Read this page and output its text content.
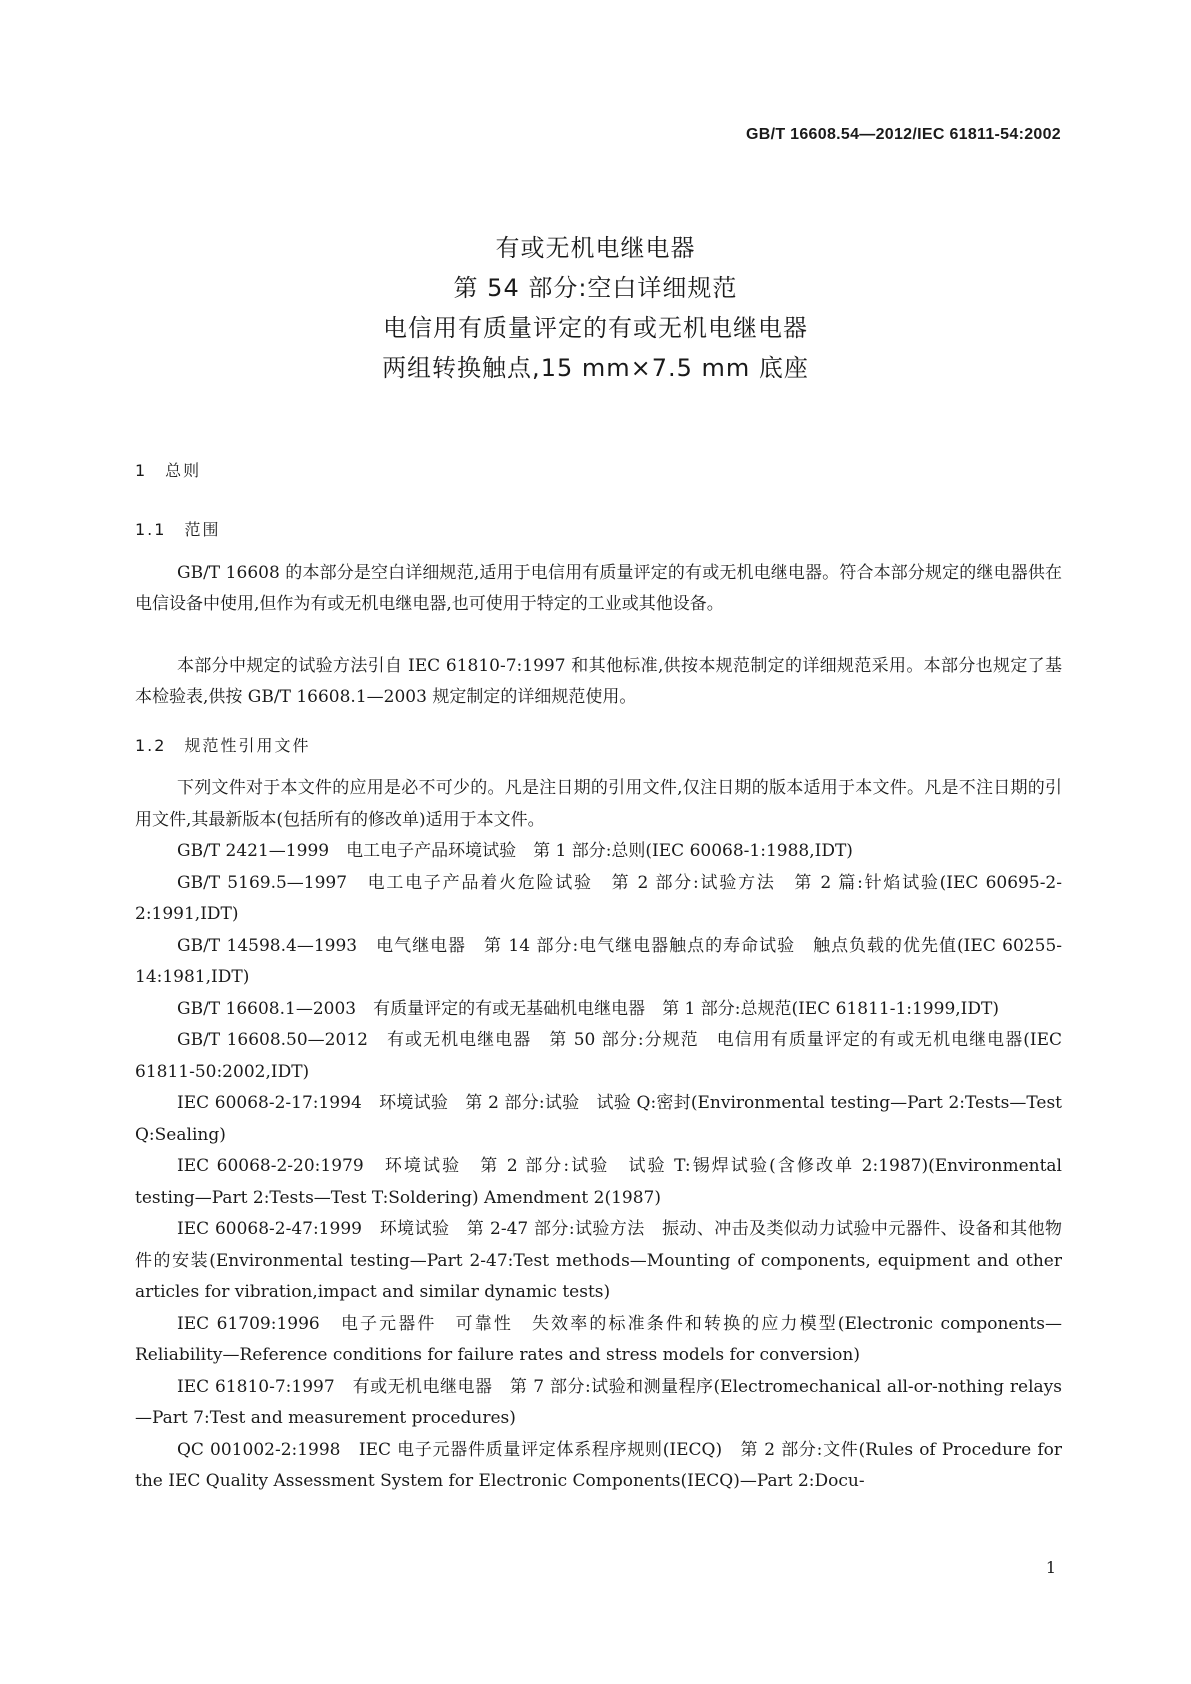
GB/T 16608.54—2012/IEC 61811-54:2002
有或无机电继电器
第 54 部分:空白详细规范
电信用有质量评定的有或无机电继电器
两组转换触点,15 mm×7.5 mm 底座
1　总则
1.1　范围
GB/T 16608 的本部分是空白详细规范,适用于电信用有质量评定的有或无机电继电器。符合本部分规定的继电器供在电信设备中使用,但作为有或无机电继电器,也可使用于特定的工业或其他设备。
本部分中规定的试验方法引自 IEC 61810-7:1997 和其他标准,供按本规范制定的详细规范采用。本部分也规定了基本检验表,供按 GB/T 16608.1—2003 规定制定的详细规范使用。
1.2　规范性引用文件
下列文件对于本文件的应用是必不可少的。凡是注日期的引用文件,仅注日期的版本适用于本文件。凡是不注日期的引用文件,其最新版本(包括所有的修改单)适用于本文件。
GB/T 2421—1999　电工电子产品环境试验　第 1 部分:总则(IEC 60068-1:1988,IDT)
GB/T 5169.5—1997　电工电子产品着火危险试验　第 2 部分:试验方法　第 2 篇:针焰试验(IEC 60695-2-2:1991,IDT)
GB/T 14598.4—1993　电气继电器　第 14 部分:电气继电器触点的寿命试验　触点负载的优先值(IEC 60255-14:1981,IDT)
GB/T 16608.1—2003　有质量评定的有或无基础机电继电器　第 1 部分:总规范(IEC 61811-1:1999,IDT)
GB/T 16608.50—2012　有或无机电继电器　第 50 部分:分规范　电信用有质量评定的有或无机电继电器(IEC 61811-50:2002,IDT)
IEC 60068-2-17:1994　环境试验　第 2 部分:试验　试验 Q:密封(Environmental testing—Part 2:Tests—Test Q:Sealing)
IEC 60068-2-20:1979　环境试验　第 2 部分:试验　试验 T:锡焊试验(含修改单 2:1987)(Environmental testing—Part 2:Tests—Test T:Soldering) Amendment 2(1987)
IEC 60068-2-47:1999　环境试验　第 2-47 部分:试验方法　振动、冲击及类似动力试验中元器件、设备和其他物件的安装(Environmental testing—Part 2-47:Test methods—Mounting of components, equipment and other articles for vibration,impact and similar dynamic tests)
IEC 61709:1996　电子元器件　可靠性　失效率的标准条件和转换的应力模型(Electronic components—Reliability—Reference conditions for failure rates and stress models for conversion)
IEC 61810-7:1997　有或无机电继电器　第 7 部分:试验和测量程序(Electromechanical all-or-nothing relays—Part 7:Test and measurement procedures)
QC 001002-2:1998　IEC 电子元器件质量评定体系程序规则(IECQ)　第 2 部分:文件(Rules of Procedure for the IEC Quality Assessment System for Electronic Components(IECQ)—Part 2:Docu-
1
